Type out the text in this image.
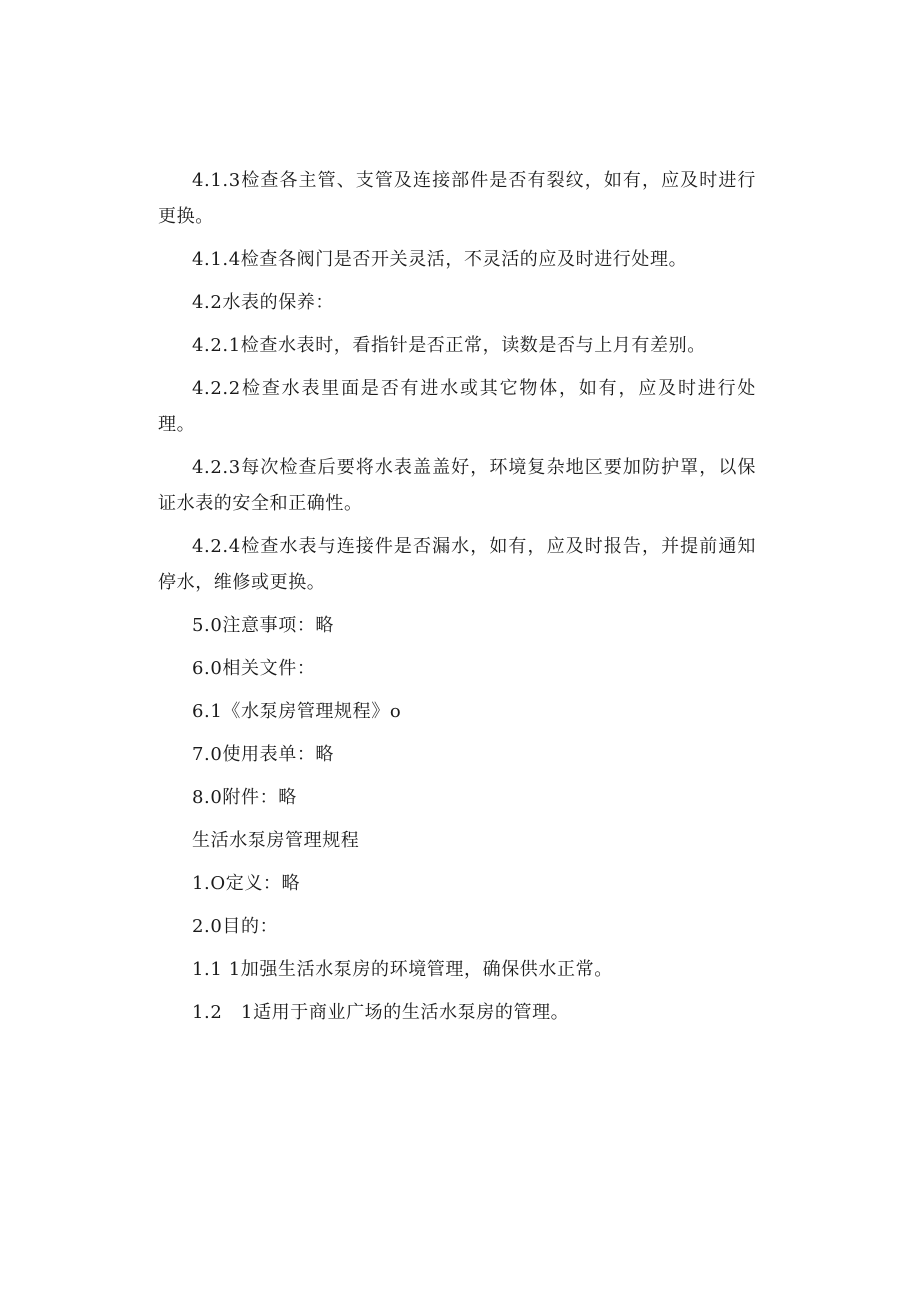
4.1.3检查各主管、支管及连接部件是否有裂纹，如有，应及时进行更换。

4.1.4检查各阀门是否开关灵活，不灵活的应及时进行处理。

4.2水表的保养：

4.2.1检查水表时，看指针是否正常，读数是否与上月有差别。

4.2.2检查水表里面是否有进水或其它物体，如有，应及时进行处理。

4.2.3每次检查后要将水表盖盖好，环境复杂地区要加防护罩，以保证水表的安全和正确性。

4.2.4检查水表与连接件是否漏水，如有，应及时报告，并提前通知停水，维修或更换。

5.0注意事项：略

6.0相关文件：

6.1《水泵房管理规程》o

7.0使用表单：略

8.0附件：略

生活水泵房管理规程

1.O定义：略

2.0目的：

1.1 1加强生活水泵房的环境管理，确保供水正常。

1.2　1适用于商业广场的生活水泵房的管理。
